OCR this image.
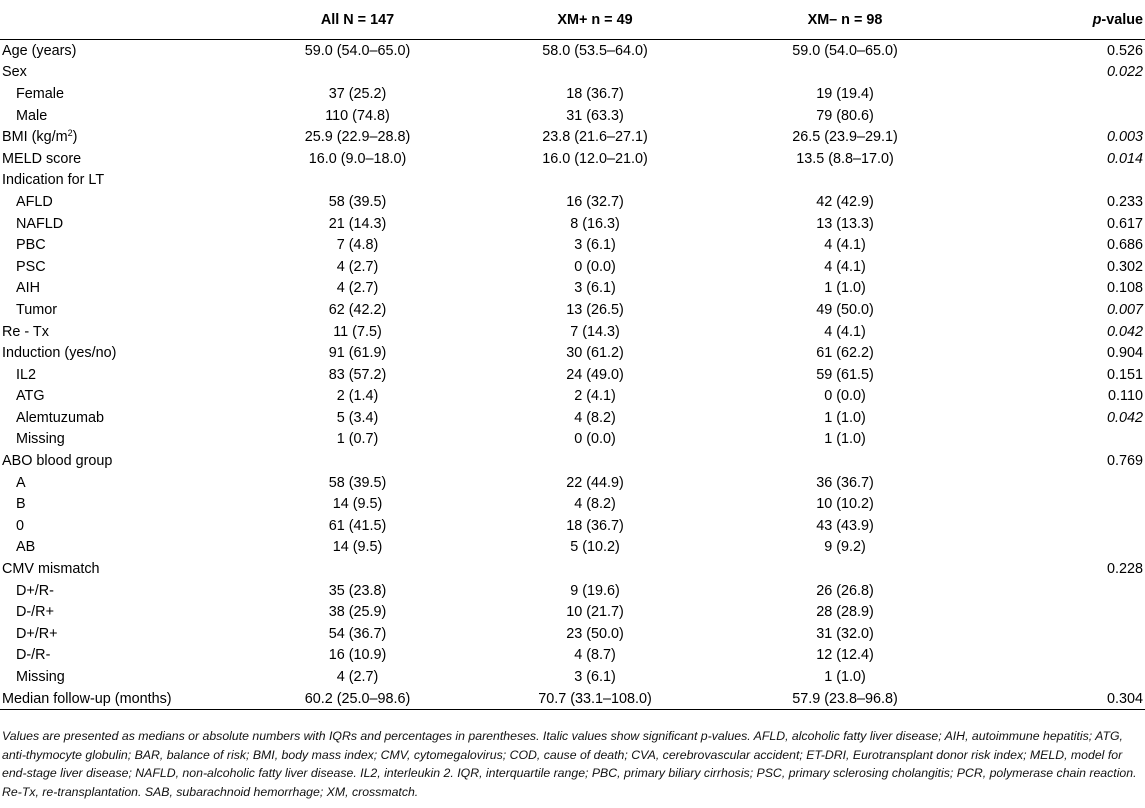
	All N = 147	XM+ n = 49	XM– n = 98	p-value
Age (years)	59.0 (54.0–65.0)	58.0 (53.5–64.0)	59.0 (54.0–65.0)	0.526
Sex				0.022
Female	37 (25.2)	18 (36.7)	19 (19.4)	
Male	110 (74.8)	31 (63.3)	79 (80.6)	
BMI $(kg/m^2)$	25.9 (22.9–28.8)	23.8 (21.6–27.1)	26.5 (23.9–29.1)	0.003
MELD score	16.0 (9.0–18.0)	16.0 (12.0–21.0)	13.5 (8.8–17.0)	0.014
Indication for LT				
AFLD	58 (39.5)	16 (32.7)	42 (42.9)	0.233
NAFLD	21 (14.3)	8 (16.3)	13 (13.3)	0.617
PBC	7 (4.8)	3 (6.1)	4 (4.1)	0.686
PSC	4 (2.7)	0 (0.0)	4 (4.1)	0.302
AIH	4 (2.7)	3 (6.1)	1 (1.0)	0.108
Tumor	62 (42.2)	13 (26.5)	49 (50.0)	0.007
Re - Tx	11 (7.5)	7 (14.3)	4 (4.1)	0.042
Induction (yes/no)	91 (61.9)	30 (61.2)	61 (62.2)	0.904
IL2	83 (57.2)	24 (49.0)	59 (61.5)	0.151
ATG	2 (1.4)	2 (4.1)	0 (0.0)	0.110
Alemtuzumab	5 (3.4)	4 (8.2)	1 (1.0)	0.042
Missing	1 (0.7)	0 (0.0)	1 (1.0)	
ABO blood group				0.769
A	58 (39.5)	22 (44.9)	36 (36.7)	
B	14 (9.5)	4 (8.2)	10 (10.2)	
0	61 (41.5)	18 (36.7)	43 (43.9)	
AB	14 (9.5)	5 (10.2)	9 (9.2)	
CMV mismatch				0.228
D+/R-	35 (23.8)	9 (19.6)	26 (26.8)	
D-/R+	38 (25.9)	10 (21.7)	28 (28.9)	
D+/R+	54 (36.7)	23 (50.0)	31 (32.0)	
D-/R-	16 (10.9)	4 (8.7)	12 (12.4)	
Missing	4 (2.7)	3 (6.1)	1 (1.0)	
Median follow-up (months)	60.2 (25.0–98.6)	70.7 (33.1–108.0)	57.9 (23.8–96.8)	0.304
Values are presented as medians or absolute numbers with IQRs and percentages in parentheses. Italic values show significant p-values. AFLD, alcoholic fatty liver disease; AIH, autoimmune hepatitis; ATG, anti-thymocyte globulin; BAR, balance of risk; BMI, body mass index; CMV, cytomegalovirus; COD, cause of death; CVA, cerebrovascular accident; ET-DRI, Eurotransplant donor risk index; MELD, model for end-stage liver disease; NAFLD, non-alcoholic fatty liver disease. IL2, interleukin 2. IQR, interquartile range; PBC, primary biliary cirrhosis; PSC, primary sclerosing cholangitis; PCR, polymerase chain reaction. Re-Tx, re-transplantation. SAB, subarachnoid hemorrhage; XM, crossmatch.
